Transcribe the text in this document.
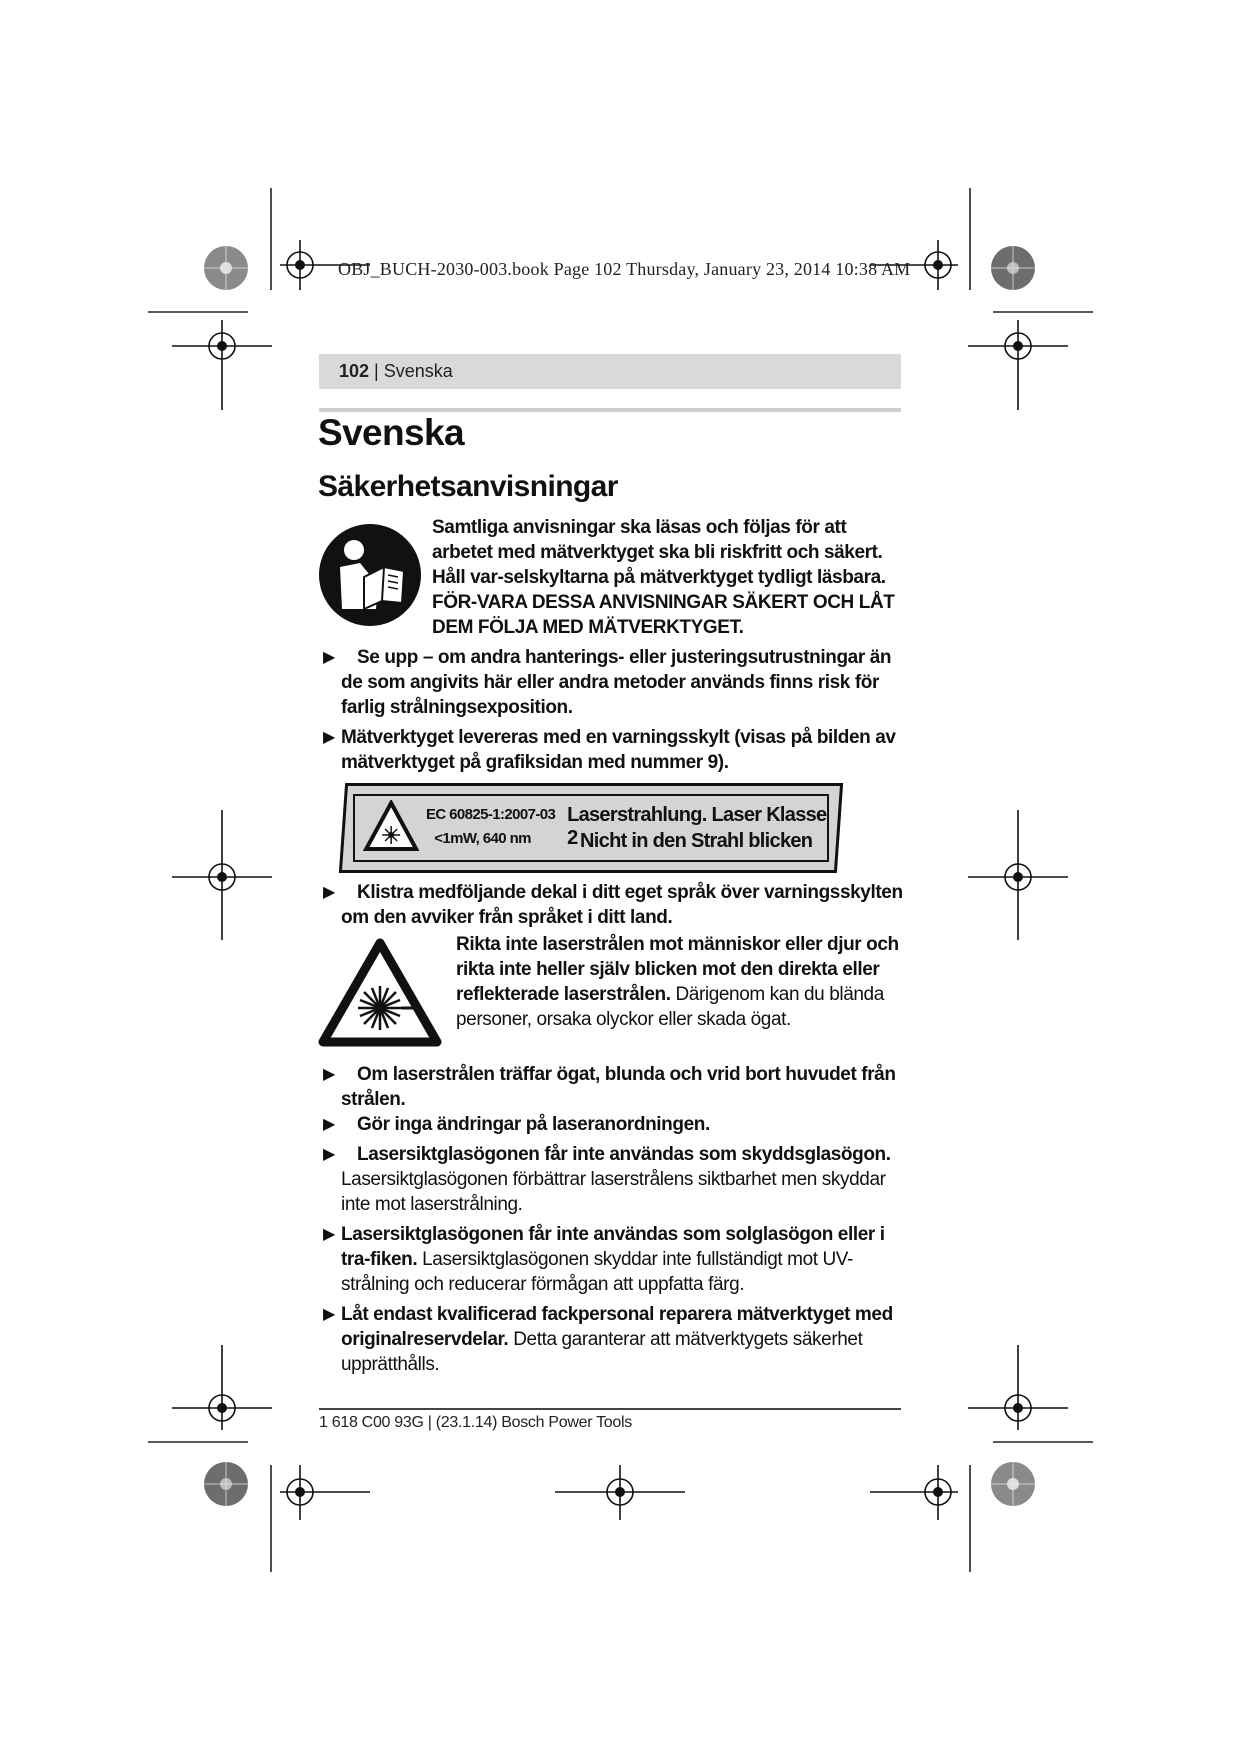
OBJ_BUCH-2030-003.book Page 102 Thursday, January 23, 2014 10:38 AM
102 | Svenska
Svenska
Säkerhetsanvisningar
Samtliga anvisningar ska läsas och följas för att arbetet med mätverktyget ska bli riskfritt och säkert. Håll var-selskyltarna på mätverktyget tydligt läsbara. FÖR-VARA DESSA ANVISNINGAR SÄKERT OCH LÅT DEM FÖLJA MED MÄTVERKTYGET.
▶	Se upp – om andra hanterings- eller justeringsutrustningar än de som angivits här eller andra metoder används finns risk för farlig strålningsexposition.
▶ Mätverktyget levereras med en varningsskylt (visas på bilden av mätverktyget på grafiksidan med nummer 9).
EC 60825-1:2007-03
<1mW, 640 nm
Laserstrahlung. Laser Klasse 2 Nicht in den Strahl blicken
▶	Klistra medföljande dekal i ditt eget språk över varningsskylten om den avviker från språket i ditt land.
Rikta inte laserstrålen mot människor eller djur och rikta inte heller själv blicken mot den direkta eller reflekterade laserstrålen. Därigenom kan du blända personer, orsaka olyckor eller skada ögat.
▶	Om laserstrålen träffar ögat, blunda och vrid bort huvudet från strålen.
▶	Gör inga ändringar på laseranordningen.
▶	Lasersiktglasögonen får inte användas som skyddsglasögon. Lasersiktglasögonen förbättrar laserstrålens siktbarhet men skyddar inte mot laserstrålning.
▶ Lasersiktglasögonen får inte användas som solglasögon eller i tra-fiken. Lasersiktglasögonen skyddar inte fullständigt mot UV-strålning och reducerar förmågan att uppfatta färg.
▶ Låt endast kvalificerad fackpersonal reparera mätverktyget med originalreservdelar. Detta garanterar att mätverktygets säkerhet upprätthålls.
1 618 C00 93G | (23.1.14) Bosch Power Tools
